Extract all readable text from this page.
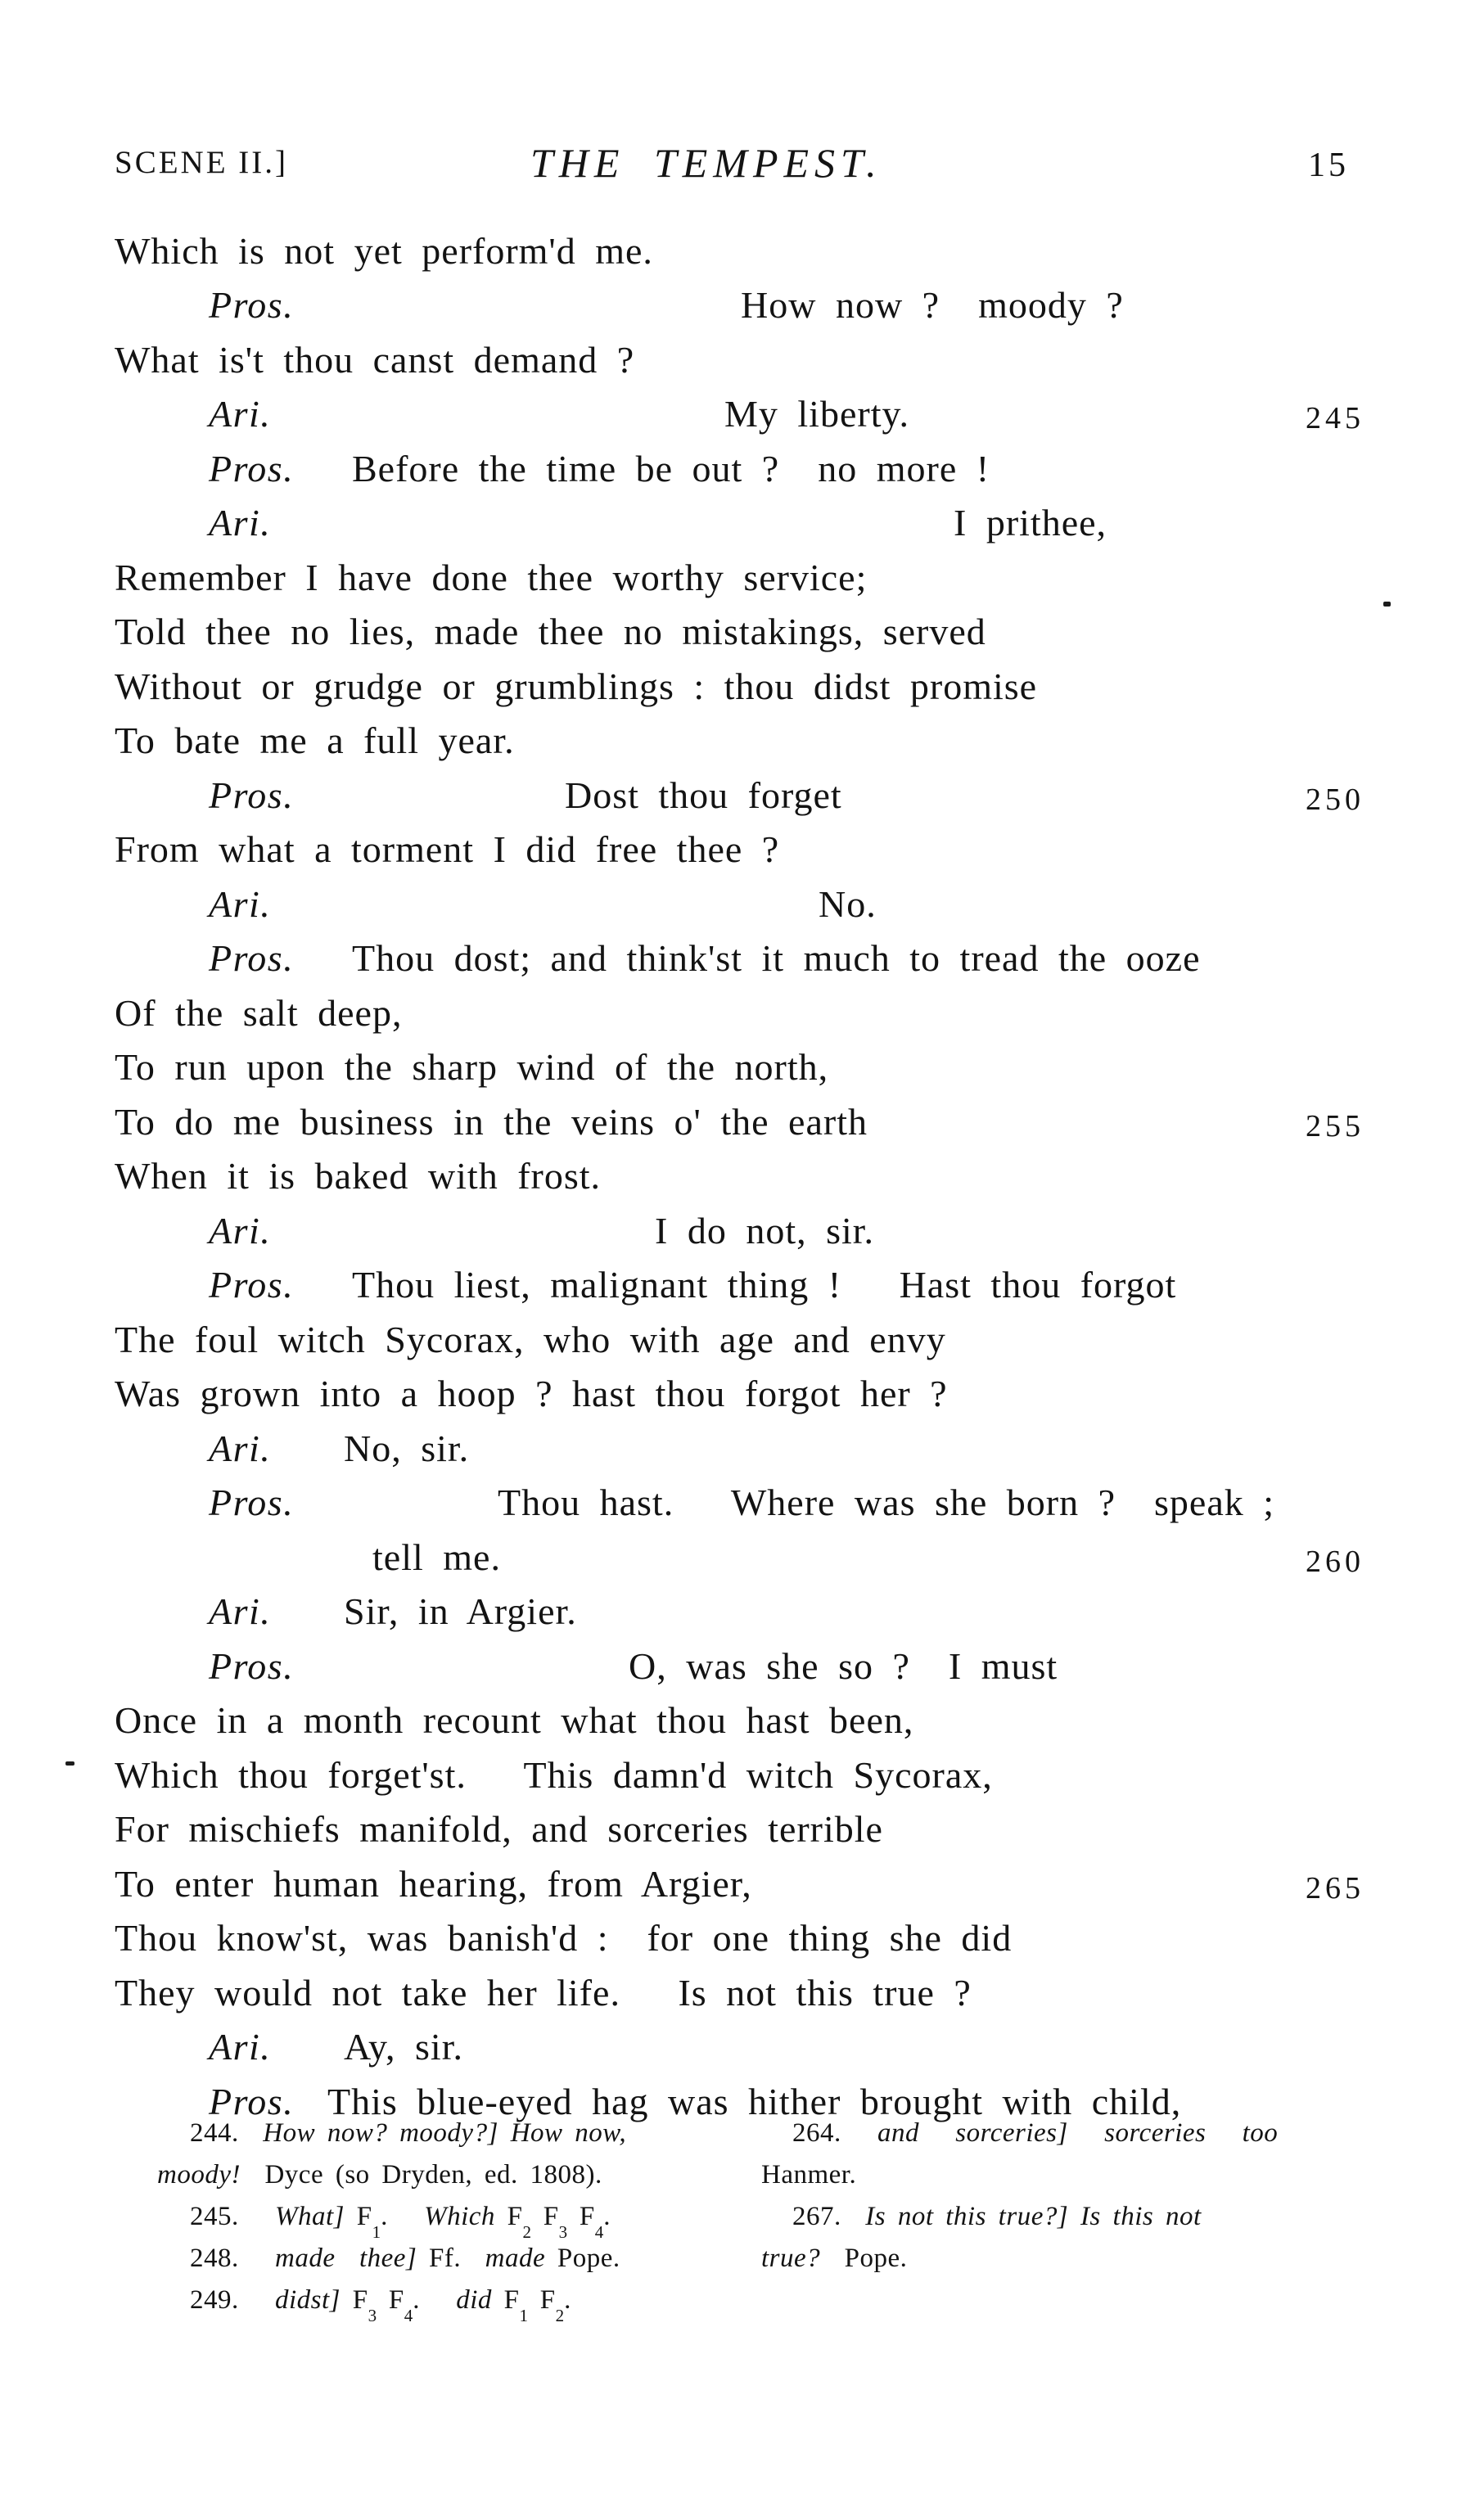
SCENE II.]	THE TEMPEST.	15
Which is not yet perform'd me.
Pros.	How now ?  moody ?
What is't thou canst demand ?
Ari.	My liberty.	245
Pros. Before the time be out ?  no more !
Ari.	I prithee,
Remember I have done thee worthy service;
Told thee no lies, made thee no mistakings, served
Without or grudge or grumblings : thou didst promise
To bate me a full year.
Pros.	Dost thou forget	250
From what a torment I did free thee ?
Ari.	No.
Pros. Thou dost; and think'st it much to tread the ooze
Of the salt deep,
To run upon the sharp wind of the north,
To do me business in the veins o' the earth	255
When it is baked with frost.
Ari.	I do not, sir.
Pros. Thou liest, malignant thing !   Hast thou forgot
The foul witch Sycorax, who with age and envy
Was grown into a hoop ? hast thou forgot her ?
Ari. No, sir.
Pros.	Thou hast.   Where was she born ?  speak ;
tell me.	260
Ari. Sir, in Argier.
Pros.	O, was she so ?  I must
Once in a month recount what thou hast been,
Which thou forget'st.   This damn'd witch Sycorax,
For mischiefs manifold, and sorceries terrible
To enter human hearing, from Argier,	265
Thou know'st, was banish'd :  for one thing she did
They would not take her life.   Is not this true ?
Ari. Ay, sir.
Pros. This blue-eyed hag was hither brought with child,
244.  How now? moody?] How now,
moody!  Dyce (so Dryden, ed. 1808).
245.   What] $F_1$.   Which $F_2$ $F_3$ $F_4$.
248.   made  thee] Ff.  made Pope.
249.   didst] $F_3$ $F_4$.   did $F_1$ $F_2$.
264.   and   sorceries] sorceries   too
Hanmer.
267.  Is not this true?] Is this not
true?  Pope.
